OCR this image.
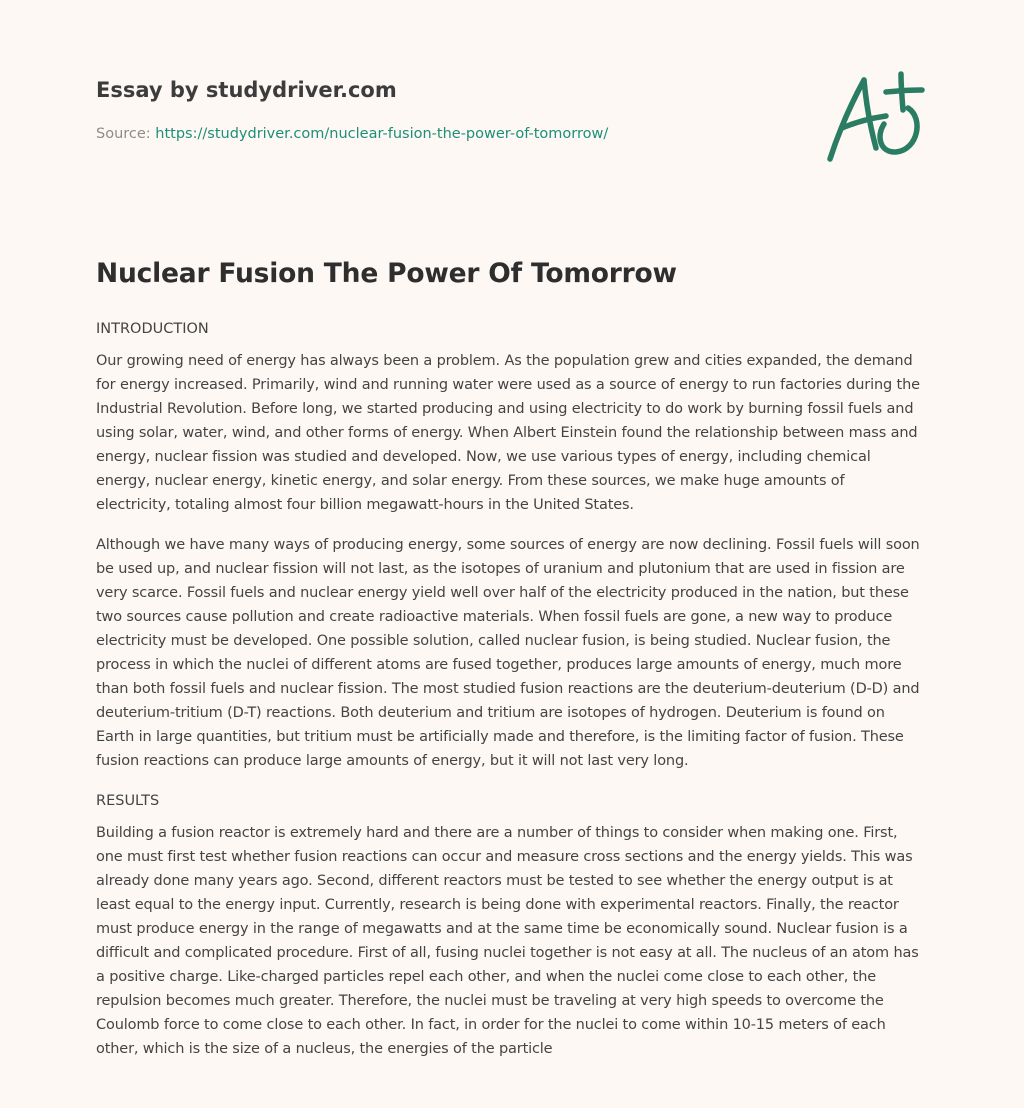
Essay by studydriver.com
Source: https://studydriver.com/nuclear-fusion-the-power-of-tomorrow/
Nuclear Fusion The Power Of Tomorrow

INTRODUCTION

Our growing need of energy has always been a problem. As the population grew and cities expanded, the demand for energy increased. Primarily, wind and running water were used as a source of energy to run factories during the Industrial Revolution. Before long, we started producing and using electricity to do work by burning fossil fuels and using solar, water, wind, and other forms of energy. When Albert Einstein found the relationship between mass and energy, nuclear fission was studied and developed. Now, we use various types of energy, including chemical energy, nuclear energy, kinetic energy, and solar energy. From these sources, we make huge amounts of electricity, totaling almost four billion megawatt-hours in the United States.

Although we have many ways of producing energy, some sources of energy are now declining. Fossil fuels will soon be used up, and nuclear fission will not last, as the isotopes of uranium and plutonium that are used in fission are very scarce. Fossil fuels and nuclear energy yield well over half of the electricity produced in the nation, but these two sources cause pollution and create radioactive materials. When fossil fuels are gone, a new way to produce electricity must be developed. One possible solution, called nuclear fusion, is being studied. Nuclear fusion, the process in which the nuclei of different atoms are fused together, produces large amounts of energy, much more than both fossil fuels and nuclear fission. The most studied fusion reactions are the deuterium-deuterium (D-D) and deuterium-tritium (D-T) reactions. Both deuterium and tritium are isotopes of hydrogen. Deuterium is found on Earth in large quantities, but tritium must be artificially made and therefore, is the limiting factor of fusion. These fusion reactions can produce large amounts of energy, but it will not last very long.

RESULTS

Building a fusion reactor is extremely hard and there are a number of things to consider when making one. First, one must first test whether fusion reactions can occur and measure cross sections and the energy yields. This was already done many years ago. Second, different reactors must be tested to see whether the energy output is at least equal to the energy input. Currently, research is being done with experimental reactors. Finally, the reactor must produce energy in the range of megawatts and at the same time be economically sound. Nuclear fusion is a difficult and complicated procedure. First of all, fusing nuclei together is not easy at all. The nucleus of an atom has a positive charge. Like-charged particles repel each other, and when the nuclei come close to each other, the repulsion becomes much greater. Therefore, the nuclei must be traveling at very high speeds to overcome the Coulomb force to come close to each other. In fact, in order for the nuclei to come within 10-15 meters of each other, which is the size of a nucleus, the energies of the particle
